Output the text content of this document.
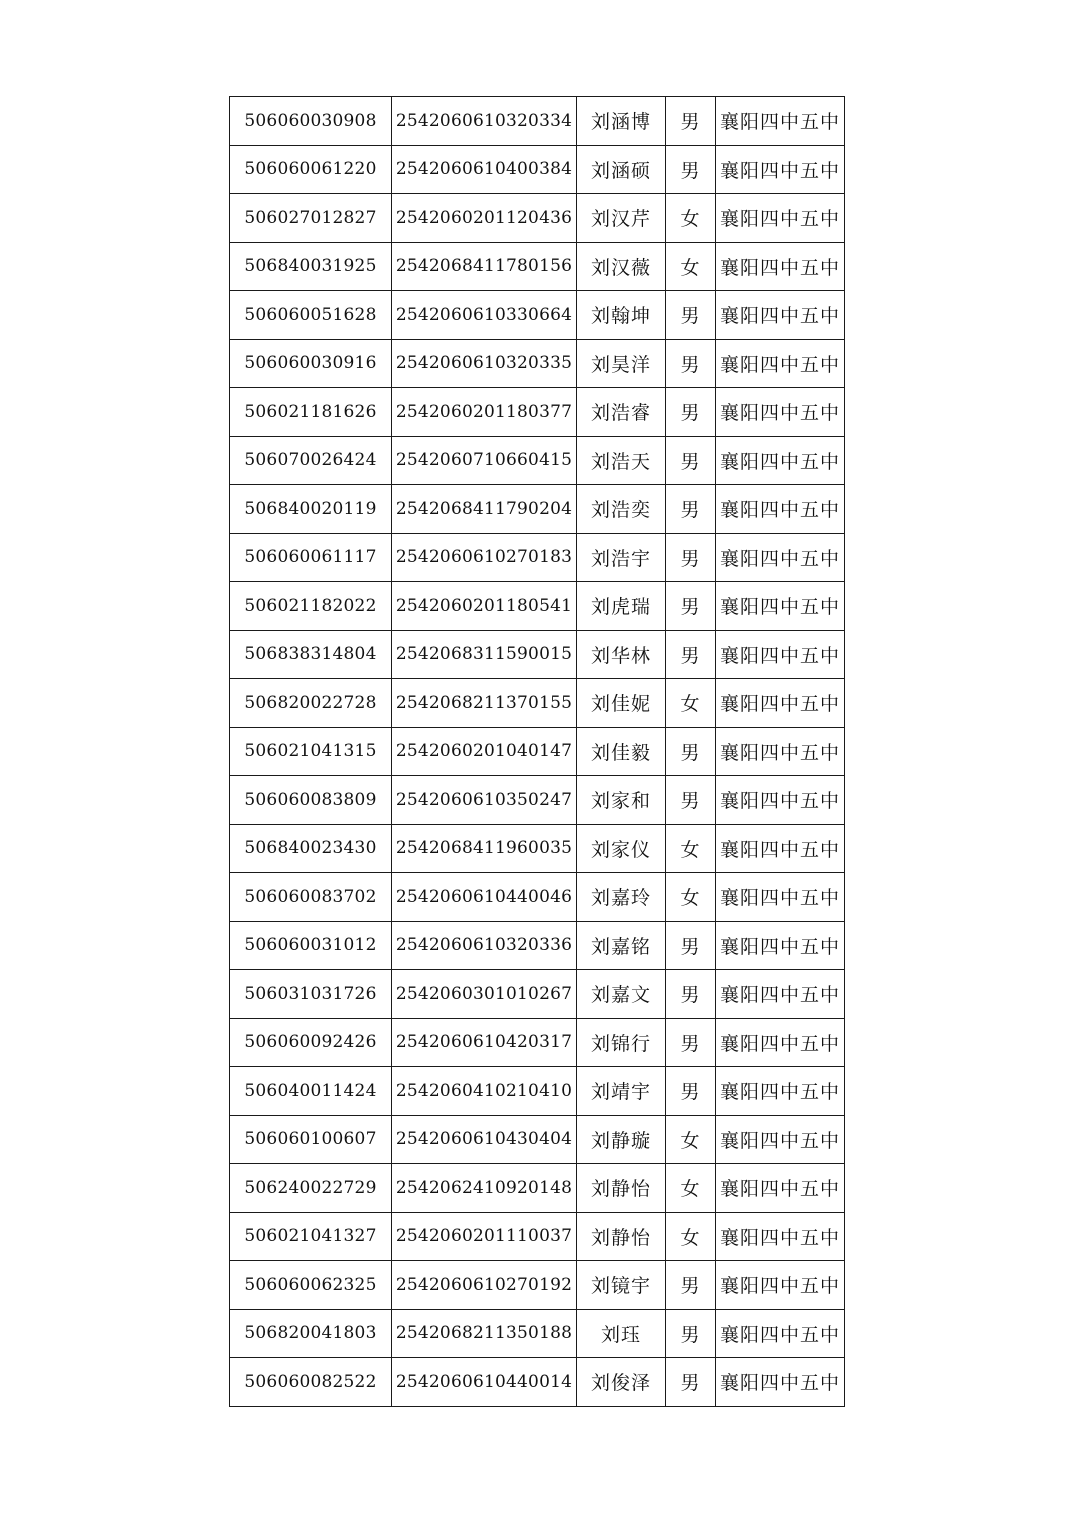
506060030908	2542060610320334	刘涵博	男	襄阳四中五中
506060061220	2542060610400384	刘涵硕	男	襄阳四中五中
506027012827	2542060201120436	刘汉芹	女	襄阳四中五中
506840031925	2542068411780156	刘汉薇	女	襄阳四中五中
506060051628	2542060610330664	刘翰坤	男	襄阳四中五中
506060030916	2542060610320335	刘昊洋	男	襄阳四中五中
506021181626	2542060201180377	刘浩睿	男	襄阳四中五中
506070026424	2542060710660415	刘浩天	男	襄阳四中五中
506840020119	2542068411790204	刘浩奕	男	襄阳四中五中
506060061117	2542060610270183	刘浩宇	男	襄阳四中五中
506021182022	2542060201180541	刘虎瑞	男	襄阳四中五中
506838314804	2542068311590015	刘华林	男	襄阳四中五中
506820022728	2542068211370155	刘佳妮	女	襄阳四中五中
506021041315	2542060201040147	刘佳毅	男	襄阳四中五中
506060083809	2542060610350247	刘家和	男	襄阳四中五中
506840023430	2542068411960035	刘家仪	女	襄阳四中五中
506060083702	2542060610440046	刘嘉玲	女	襄阳四中五中
506060031012	2542060610320336	刘嘉铭	男	襄阳四中五中
506031031726	2542060301010267	刘嘉文	男	襄阳四中五中
506060092426	2542060610420317	刘锦行	男	襄阳四中五中
506040011424	2542060410210410	刘靖宇	男	襄阳四中五中
506060100607	2542060610430404	刘静璇	女	襄阳四中五中
506240022729	2542062410920148	刘静怡	女	襄阳四中五中
506021041327	2542060201110037	刘静怡	女	襄阳四中五中
506060062325	2542060610270192	刘镜宇	男	襄阳四中五中
506820041803	2542068211350188	刘珏	男	襄阳四中五中
506060082522	2542060610440014	刘俊泽	男	襄阳四中五中
